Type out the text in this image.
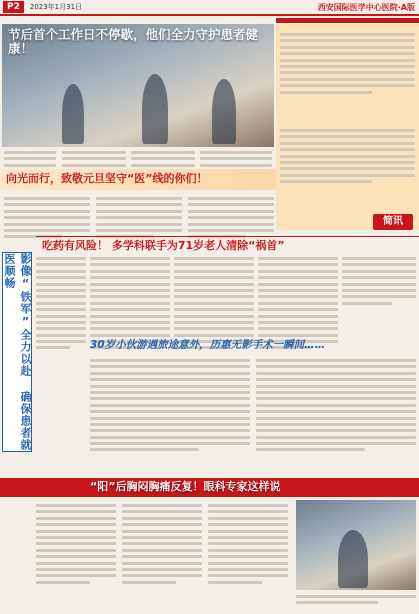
P2	2023年1月31日	西安国际医学中心医院·A版
节后首个工作日不停歇，他们全力守护患者健康！
简讯
向光而行，致敬元旦坚守“医”线的你们！
吃药有风险！ 多学科联手为71岁老人清除“祸首”
影像“铁军”全力以赴 确保患者就医顺畅
30岁小伙游遇旅途意外，历惠无影手术一瞬间……
“阳”后胸闷胸痛反复！眼科专家这样说
